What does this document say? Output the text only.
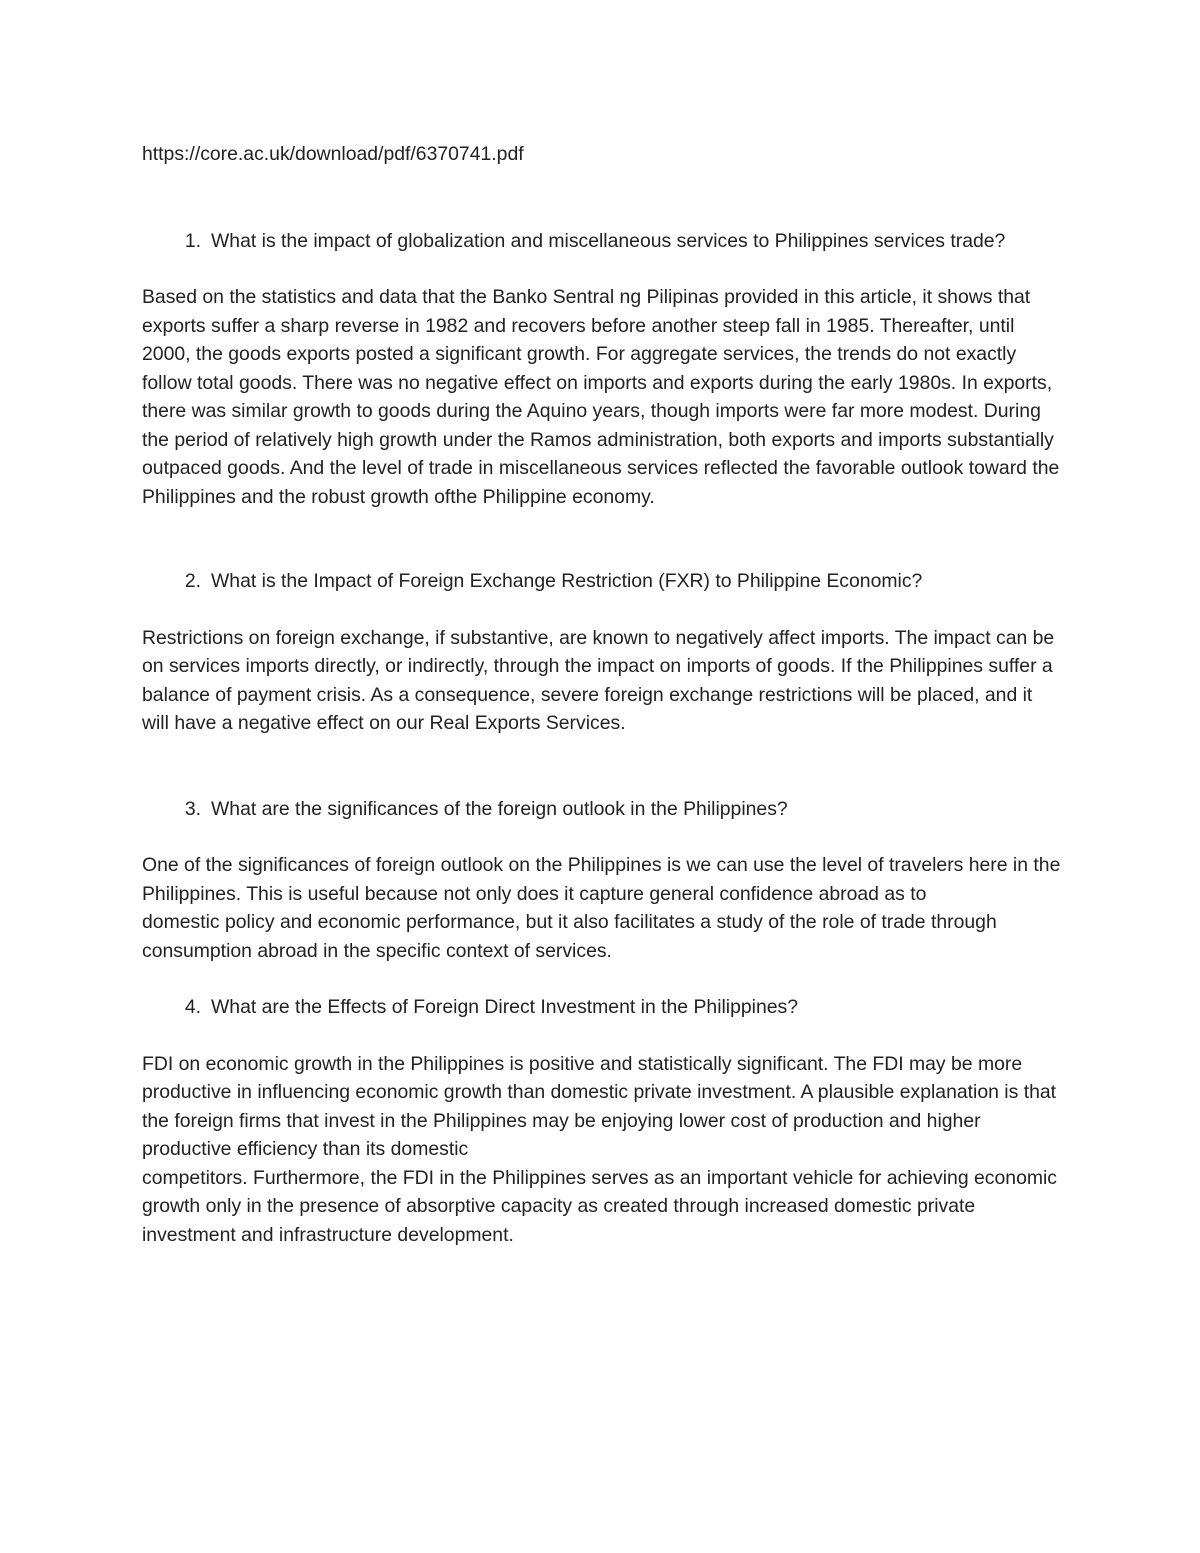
https://core.ac.uk/download/pdf/6370741.pdf
1. What is the impact of globalization and miscellaneous services to Philippines services trade?

Based on the statistics and data that the Banko Sentral ng Pilipinas provided in this article, it shows that exports suffer a sharp reverse in 1982 and recovers before another steep fall in 1985. Thereafter, until 2000, the goods exports posted a significant growth. For aggregate services, the trends do not exactly follow total goods. There was no negative effect on imports and exports during the early 1980s. In exports, there was similar growth to goods during the Aquino years, though imports were far more modest. During the period of relatively high growth under the Ramos administration, both exports and imports substantially outpaced goods. And the level of trade in miscellaneous services reflected the favorable outlook toward the Philippines and the robust growth ofthe Philippine economy.

2. What is the Impact of Foreign Exchange Restriction (FXR) to Philippine Economic?

Restrictions on foreign exchange, if substantive, are known to negatively affect imports. The impact can be on services imports directly, or indirectly, through the impact on imports of goods. If the Philippines suffer a balance of payment crisis. As a consequence, severe foreign exchange restrictions will be placed, and it will have a negative effect on our Real Exports Services.

3. What are the significances of the foreign outlook in the Philippines?

One of the significances of foreign outlook on the Philippines is we can use the level of travelers here in the Philippines. This is useful because not only does it capture general confidence abroad as to

domestic policy and economic performance, but it also facilitates a study of the role of trade through consumption abroad in the specific context of services.

4. What are the Effects of Foreign Direct Investment in the Philippines?

FDI on economic growth in the Philippines is positive and statistically significant. The FDI may be more productive in influencing economic growth than domestic private investment. A plausible explanation is that the foreign firms that invest in the Philippines may be enjoying lower cost of production and higher productive efficiency than its domestic

competitors. Furthermore, the FDI in the Philippines serves as an important vehicle for achieving economic growth only in the presence of absorptive capacity as created through increased domestic private investment and infrastructure development.
